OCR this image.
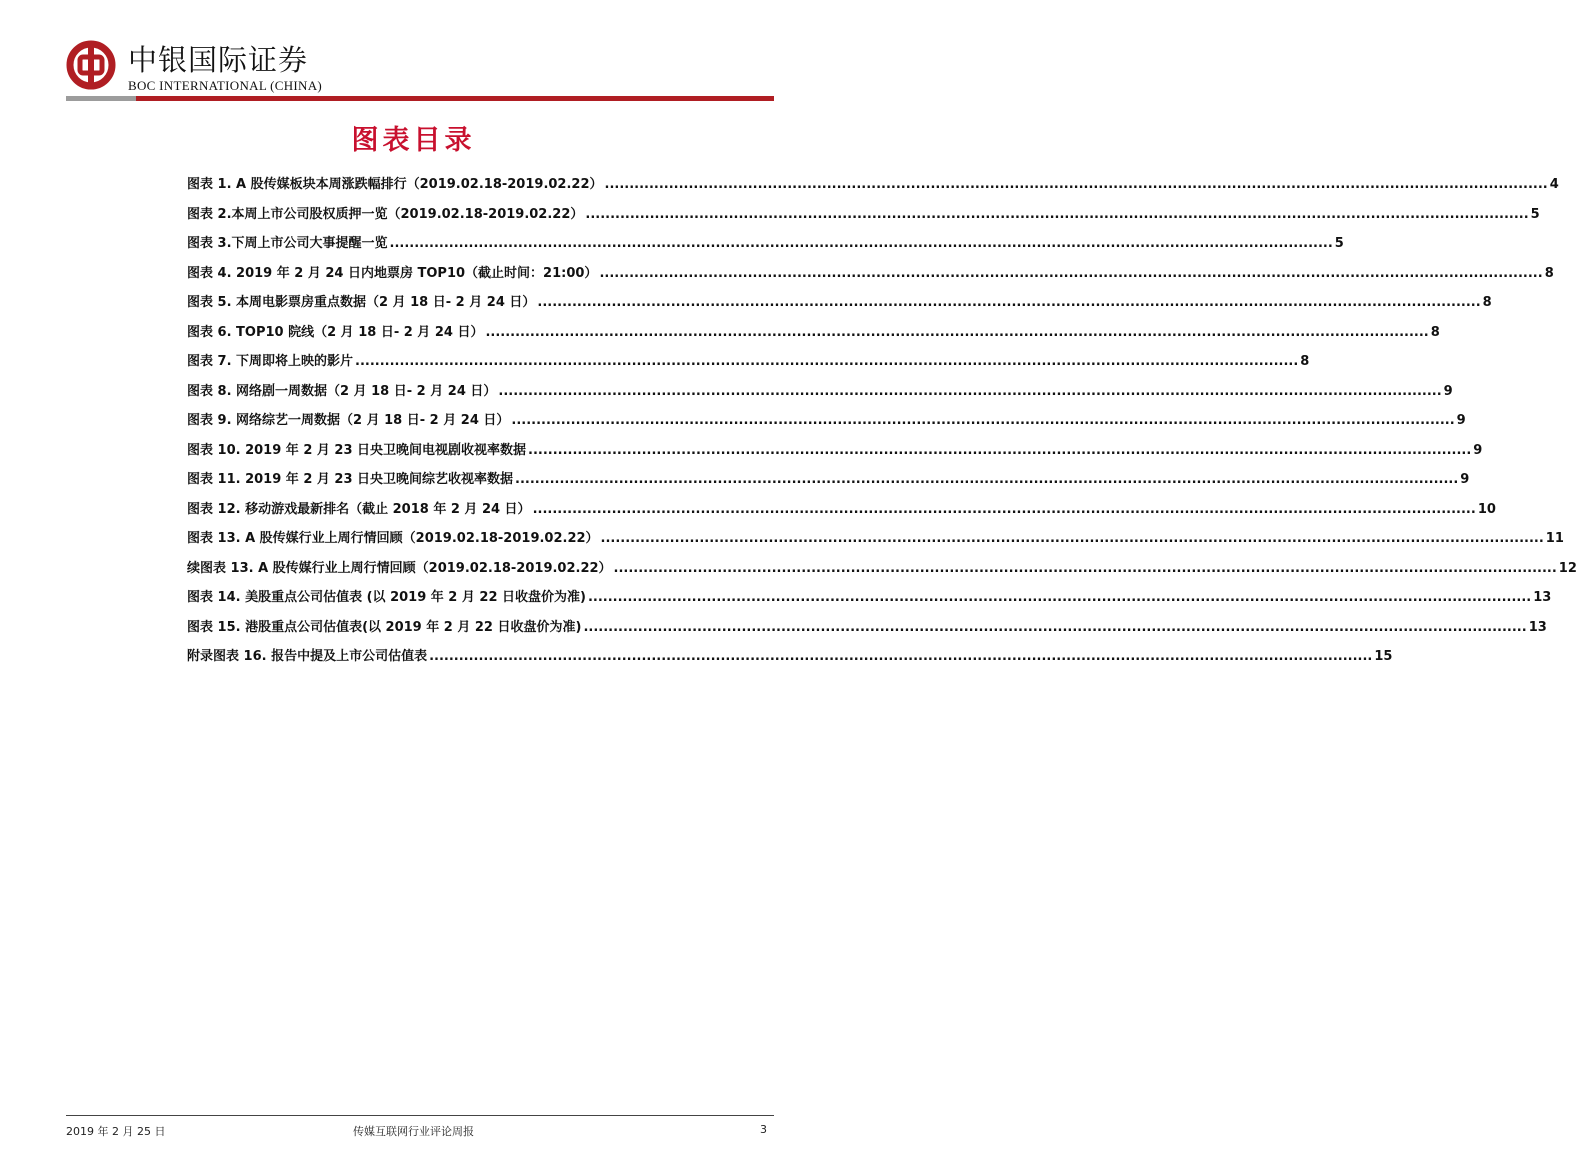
中银国际证券
BOC INTERNATIONAL (CHINA)
图表目录
图表 1. A 股传媒板块本周涨跌幅排行（2019.02.18-2019.02.22） .....	4
图表 2.本周上市公司股权质押一览（2019.02.18-2019.02.22） .....	5
图表 3.下周上市公司大事提醒一览 .....	5
图表 4. 2019 年 2 月 24 日内地票房 TOP10（截止时间：21:00） .....	8
图表 5. 本周电影票房重点数据（2 月 18 日- 2 月 24 日） .....	8
图表 6. TOP10 院线（2 月 18 日- 2 月 24 日） .....	8
图表 7. 下周即将上映的影片 .....	8
图表 8. 网络剧一周数据（2 月 18 日- 2 月 24 日） .....	9
图表 9. 网络综艺一周数据（2 月 18 日- 2 月 24 日） .....	9
图表 10. 2019 年 2 月 23 日央卫晚间电视剧收视率数据 .....	9
图表 11. 2019 年 2 月 23 日央卫晚间综艺收视率数据 .....	9
图表 12. 移动游戏最新排名（截止 2018 年 2 月 24 日） .....	10
图表 13. A 股传媒行业上周行情回顾（2019.02.18-2019.02.22） .....	11
续图表 13. A 股传媒行业上周行情回顾（2019.02.18-2019.02.22） .....	12
图表 14. 美股重点公司估值表 (以 2019 年 2 月 22 日收盘价为准) .....	13
图表 15. 港股重点公司估值表(以 2019 年 2 月 22 日收盘价为准) .....	13
附录图表 16. 报告中提及上市公司估值表 .....	15
2019 年 2 月 25 日	传媒互联网行业评论周报	3
